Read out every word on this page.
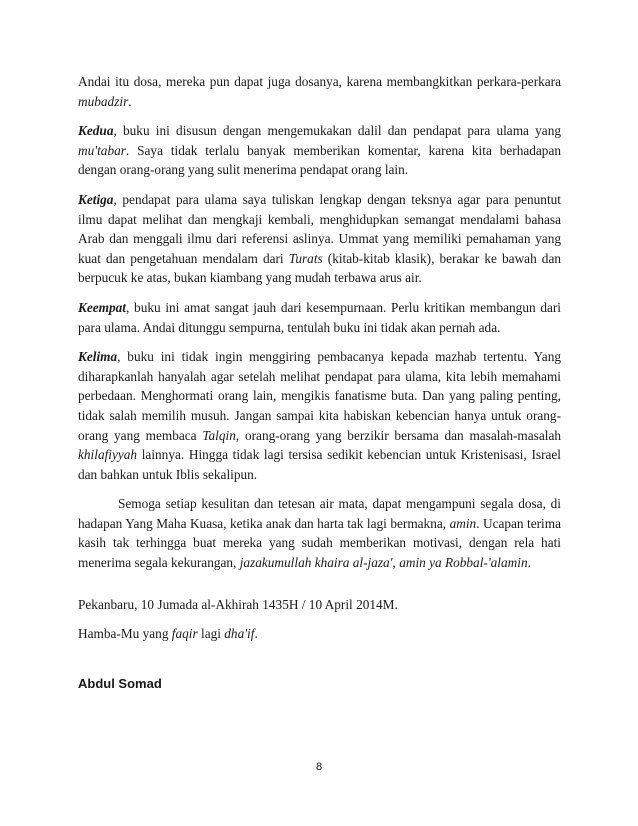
Andai itu dosa, mereka pun dapat juga dosanya, karena membangkitkan perkara-perkara mubadzir.

Kedua, buku ini disusun dengan mengemukakan dalil dan pendapat para ulama yang mu'tabar. Saya tidak terlalu banyak memberikan komentar, karena kita berhadapan dengan orang-orang yang sulit menerima pendapat orang lain.

Ketiga, pendapat para ulama saya tuliskan lengkap dengan teksnya agar para penuntut ilmu dapat melihat dan mengkaji kembali, menghidupkan semangat mendalami bahasa Arab dan menggali ilmu dari referensi aslinya. Ummat yang memiliki pemahaman yang kuat dan pengetahuan mendalam dari Turats (kitab-kitab klasik), berakar ke bawah dan berpucuk ke atas, bukan kiambang yang mudah terbawa arus air.

Keempat, buku ini amat sangat jauh dari kesempurnaan. Perlu kritikan membangun dari para ulama. Andai ditunggu sempurna, tentulah buku ini tidak akan pernah ada.

Kelima, buku ini tidak ingin menggiring pembacanya kepada mazhab tertentu. Yang diharapkanlah hanyalah agar setelah melihat pendapat para ulama, kita lebih memahami perbedaan. Menghormati orang lain, mengikis fanatisme buta. Dan yang paling penting, tidak salah memilih musuh. Jangan sampai kita habiskan kebencian hanya untuk orang-orang yang membaca Talqin, orang-orang yang berzikir bersama dan masalah-masalah khilafiyyah lainnya. Hingga tidak lagi tersisa sedikit kebencian untuk Kristenisasi, Israel dan bahkan untuk Iblis sekalipun.

Semoga setiap kesulitan dan tetesan air mata, dapat mengampuni segala dosa, di hadapan Yang Maha Kuasa, ketika anak dan harta tak lagi bermakna, amin. Ucapan terima kasih tak terhingga buat mereka yang sudah memberikan motivasi, dengan rela hati menerima segala kekurangan, jazakumullah khaira al-jaza', amin ya Robbal-'alamin.

Pekanbaru, 10 Jumada al-Akhirah 1435H / 10 April 2014M.

Hamba-Mu yang faqir lagi dha'if.

Abdul Somad

8
